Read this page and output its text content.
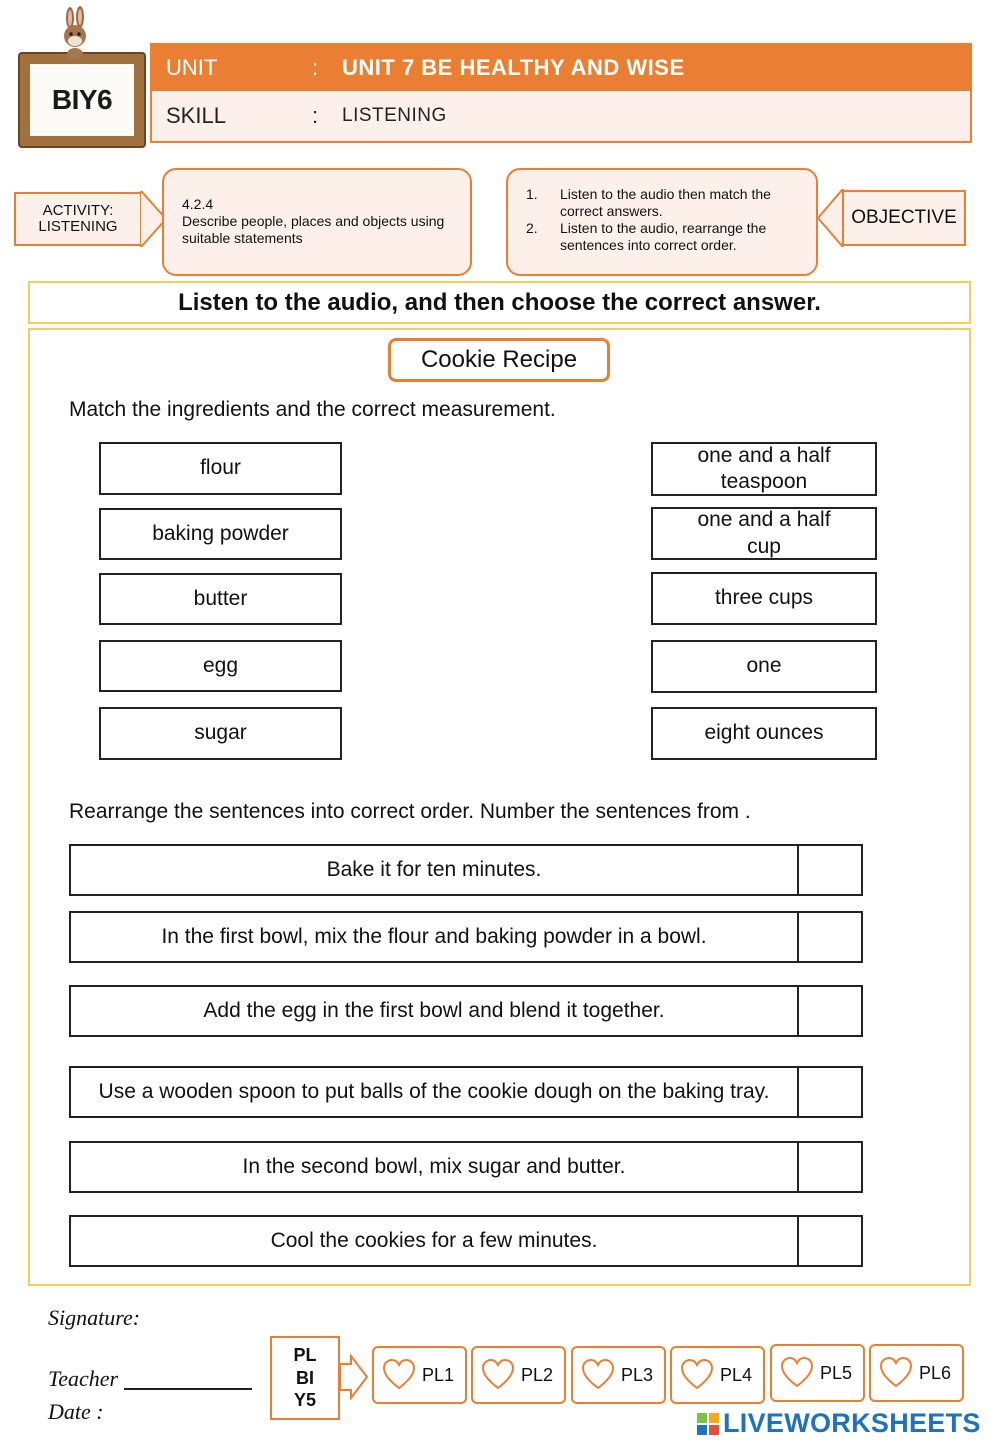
BIY6
UNIT	:	UNIT 7 BE HEALTHY AND WISE
SKILL	:	LISTENING
ACTIVITY:
LISTENING
4.2.4
Describe people, places and objects using suitable statements
1.	Listen to the audio then match the correct answers.
2.	Listen to the audio, rearrange the sentences into correct order.
OBJECTIVE
Listen to the audio, and then choose the correct answer.
Cookie Recipe
Match the ingredients and the correct measurement.
flour
baking powder
butter
egg
sugar
one and a half teaspoon
one and a half cup
three cups
one
eight ounces
Rearrange the sentences into correct order. Number the sentences from .
Bake it for ten minutes.
In the first bowl, mix the flour and baking powder in a bowl.
Add the egg in the first bowl and blend it together.
Use a wooden spoon to put balls of the cookie dough on the baking tray.
In the second bowl, mix sugar and butter.
Cool the cookies for a few minutes.
Signature:
Teacher
Date :
PL
BI
Y5
PL1	PL2	PL3	PL4	PL5	PL6
LIVEWORKSHEETS
